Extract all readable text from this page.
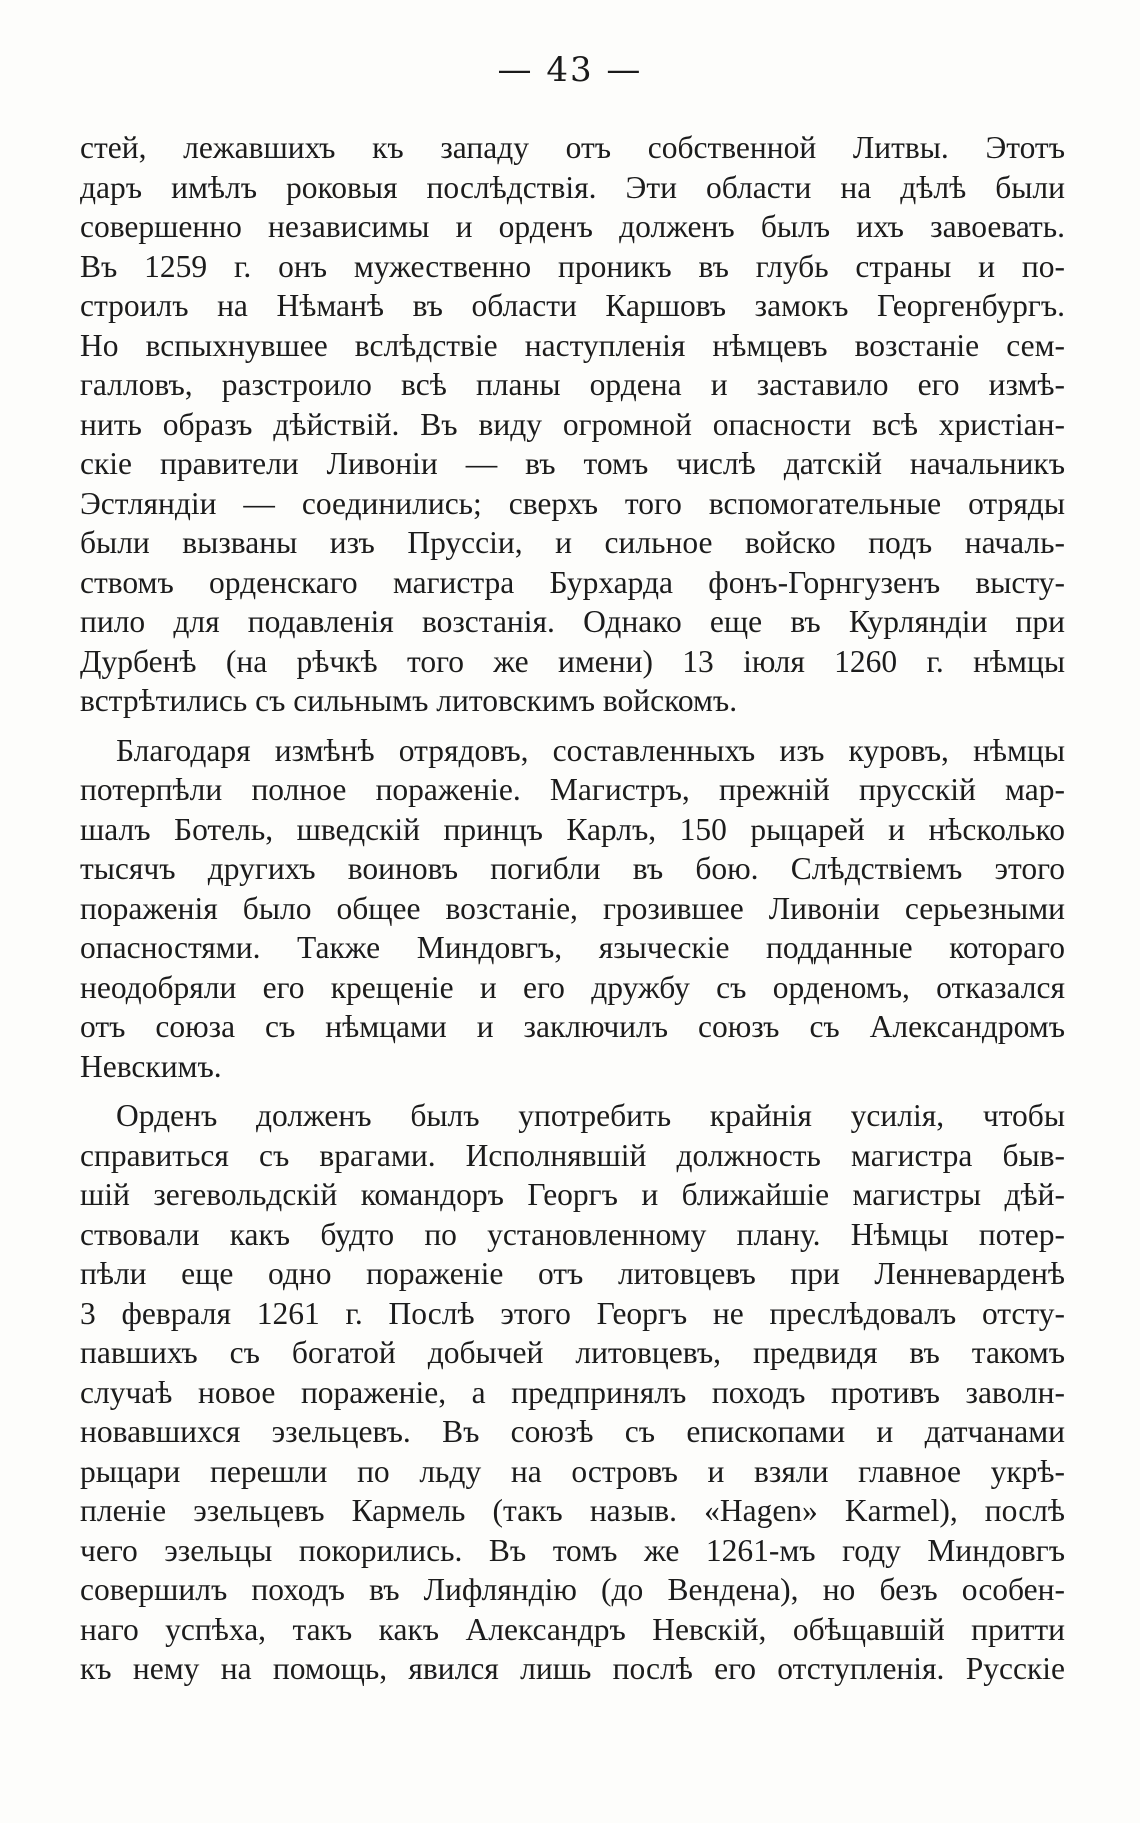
— 43 —
стей, лежавшихъ къ западу отъ собственной Литвы. Этотъ
даръ имѣлъ роковыя послѣдствія. Эти области на дѣлѣ были
совершенно независимы и орденъ долженъ былъ ихъ завоевать.
Въ 1259 г. онъ мужественно проникъ въ глубь страны и по-
строилъ на Нѣманѣ въ области Каршовъ замокъ Георгенбургъ.
Но вспыхнувшее вслѣдствіе наступленія нѣмцевъ возстаніе сем-
галловъ, разстроило всѣ планы ордена и заставило его измѣ-
нить образъ дѣйствій. Въ виду огромной опасности всѣ христіан-
скіе правители Ливоніи — въ томъ числѣ датскій начальникъ
Эстляндіи — соединились; сверхъ того вспомогательные отряды
были вызваны изъ Пруссіи, и сильное войско подъ началь-
ствомъ орденскаго магистра Бурхарда фонъ-Горнгузенъ высту-
пило для подавленія возстанія. Однако еще въ Курляндіи при
Дурбенѣ (на рѣчкѣ того же имени) 13 іюля 1260 г. нѣмцы
встрѣтились съ сильнымъ литовскимъ войскомъ.
Благодаря измѣнѣ отрядовъ, составленныхъ изъ куровъ, нѣмцы
потерпѣли полное пораженіе. Магистръ, прежній прусскій мар-
шалъ Ботель, шведскій принцъ Карлъ, 150 рыцарей и нѣсколько
тысячъ другихъ воиновъ погибли въ бою. Слѣдствіемъ этого
пораженія было общее возстаніе, грозившее Ливоніи серьезными
опасностями. Также Миндовгъ, языческіе подданные котораго
неодобряли его крещеніе и его дружбу съ орденомъ, отказался
отъ союза съ нѣмцами и заключилъ союзъ съ Александромъ
Невскимъ.
Орденъ долженъ былъ употребить крайнія усилія, чтобы
справиться съ врагами. Исполнявшій должность магистра быв-
шій зегевольдскій командоръ Георгъ и ближайшіе магистры дѣй-
ствовали какъ будто по установленному плану. Нѣмцы потер-
пѣли еще одно пораженіе отъ литовцевъ при Ленневарденѣ
3 февраля 1261 г. Послѣ этого Георгъ не преслѣдовалъ отсту-
павшихъ съ богатой добычей литовцевъ, предвидя въ такомъ
случаѣ новое пораженіе, а предпринялъ походъ противъ заволн-
новавшихся эзельцевъ. Въ союзѣ съ епископами и датчанами
рыцари перешли по льду на островъ и взяли главное укрѣ-
пленіе эзельцевъ Кармель (такъ назыв. «Hagen» Karmel), послѣ
чего эзельцы покорились. Въ томъ же 1261-мъ году Миндовгъ
совершилъ походъ въ Лифляндію (до Вендена), но безъ особен-
наго успѣха, такъ какъ Александръ Невскій, обѣщавшій притти
къ нему на помощь, явился лишь послѣ его отступленія. Русскіе
